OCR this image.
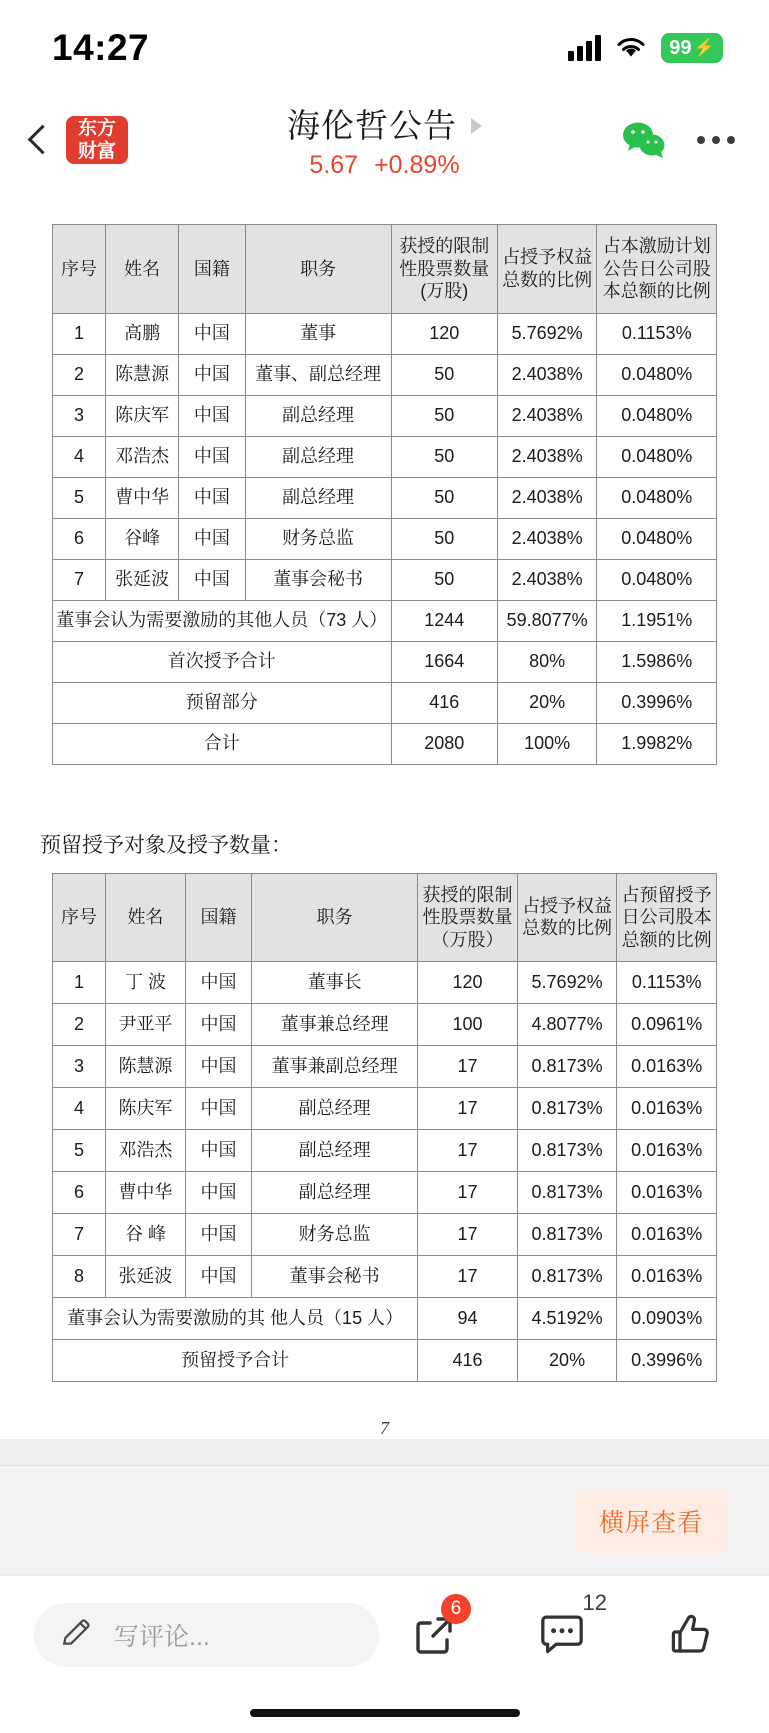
14:27	99 ⚡
东方
财富
海伦哲公告
5.67 +0.89%
序号	姓名	国籍	职务	获授的限制性股票数量(万股)	占授予权益总数的比例	占本激励计划公告日公司股本总额的比例
1	高鹏	中国	董事	120	5.7692%	0.1153%
2	陈慧源	中国	董事、副总经理	50	2.4038%	0.0480%
3	陈庆军	中国	副总经理	50	2.4038%	0.0480%
4	邓浩杰	中国	副总经理	50	2.4038%	0.0480%
5	曹中华	中国	副总经理	50	2.4038%	0.0480%
6	谷峰	中国	财务总监	50	2.4038%	0.0480%
7	张延波	中国	董事会秘书	50	2.4038%	0.0480%
董事会认为需要激励的其他人员（73 人）				1244	59.8077%	1.1951%
首次授予合计				1664	80%	1.5986%
预留部分				416	20%	0.3996%
合计				2080	100%	1.9982%
预留授予对象及授予数量：
序号	姓名	国籍	职务	获授的限制性股票数量（万股）	占授予权益总数的比例	占预留授予日公司股本总额的比例
1	丁 波	中国	董事长	120	5.7692%	0.1153%
2	尹亚平	中国	董事兼总经理	100	4.8077%	0.0961%
3	陈慧源	中国	董事兼副总经理	17	0.8173%	0.0163%
4	陈庆军	中国	副总经理	17	0.8173%	0.0163%
5	邓浩杰	中国	副总经理	17	0.8173%	0.0163%
6	曹中华	中国	副总经理	17	0.8173%	0.0163%
7	谷 峰	中国	财务总监	17	0.8173%	0.0163%
8	张延波	中国	董事会秘书	17	0.8173%	0.0163%
董事会认为需要激励的其 他人员（15 人）				94	4.5192%	0.0903%
预留授予合计				416	20%	0.3996%
7
横屏查看
写评论...
6	12
